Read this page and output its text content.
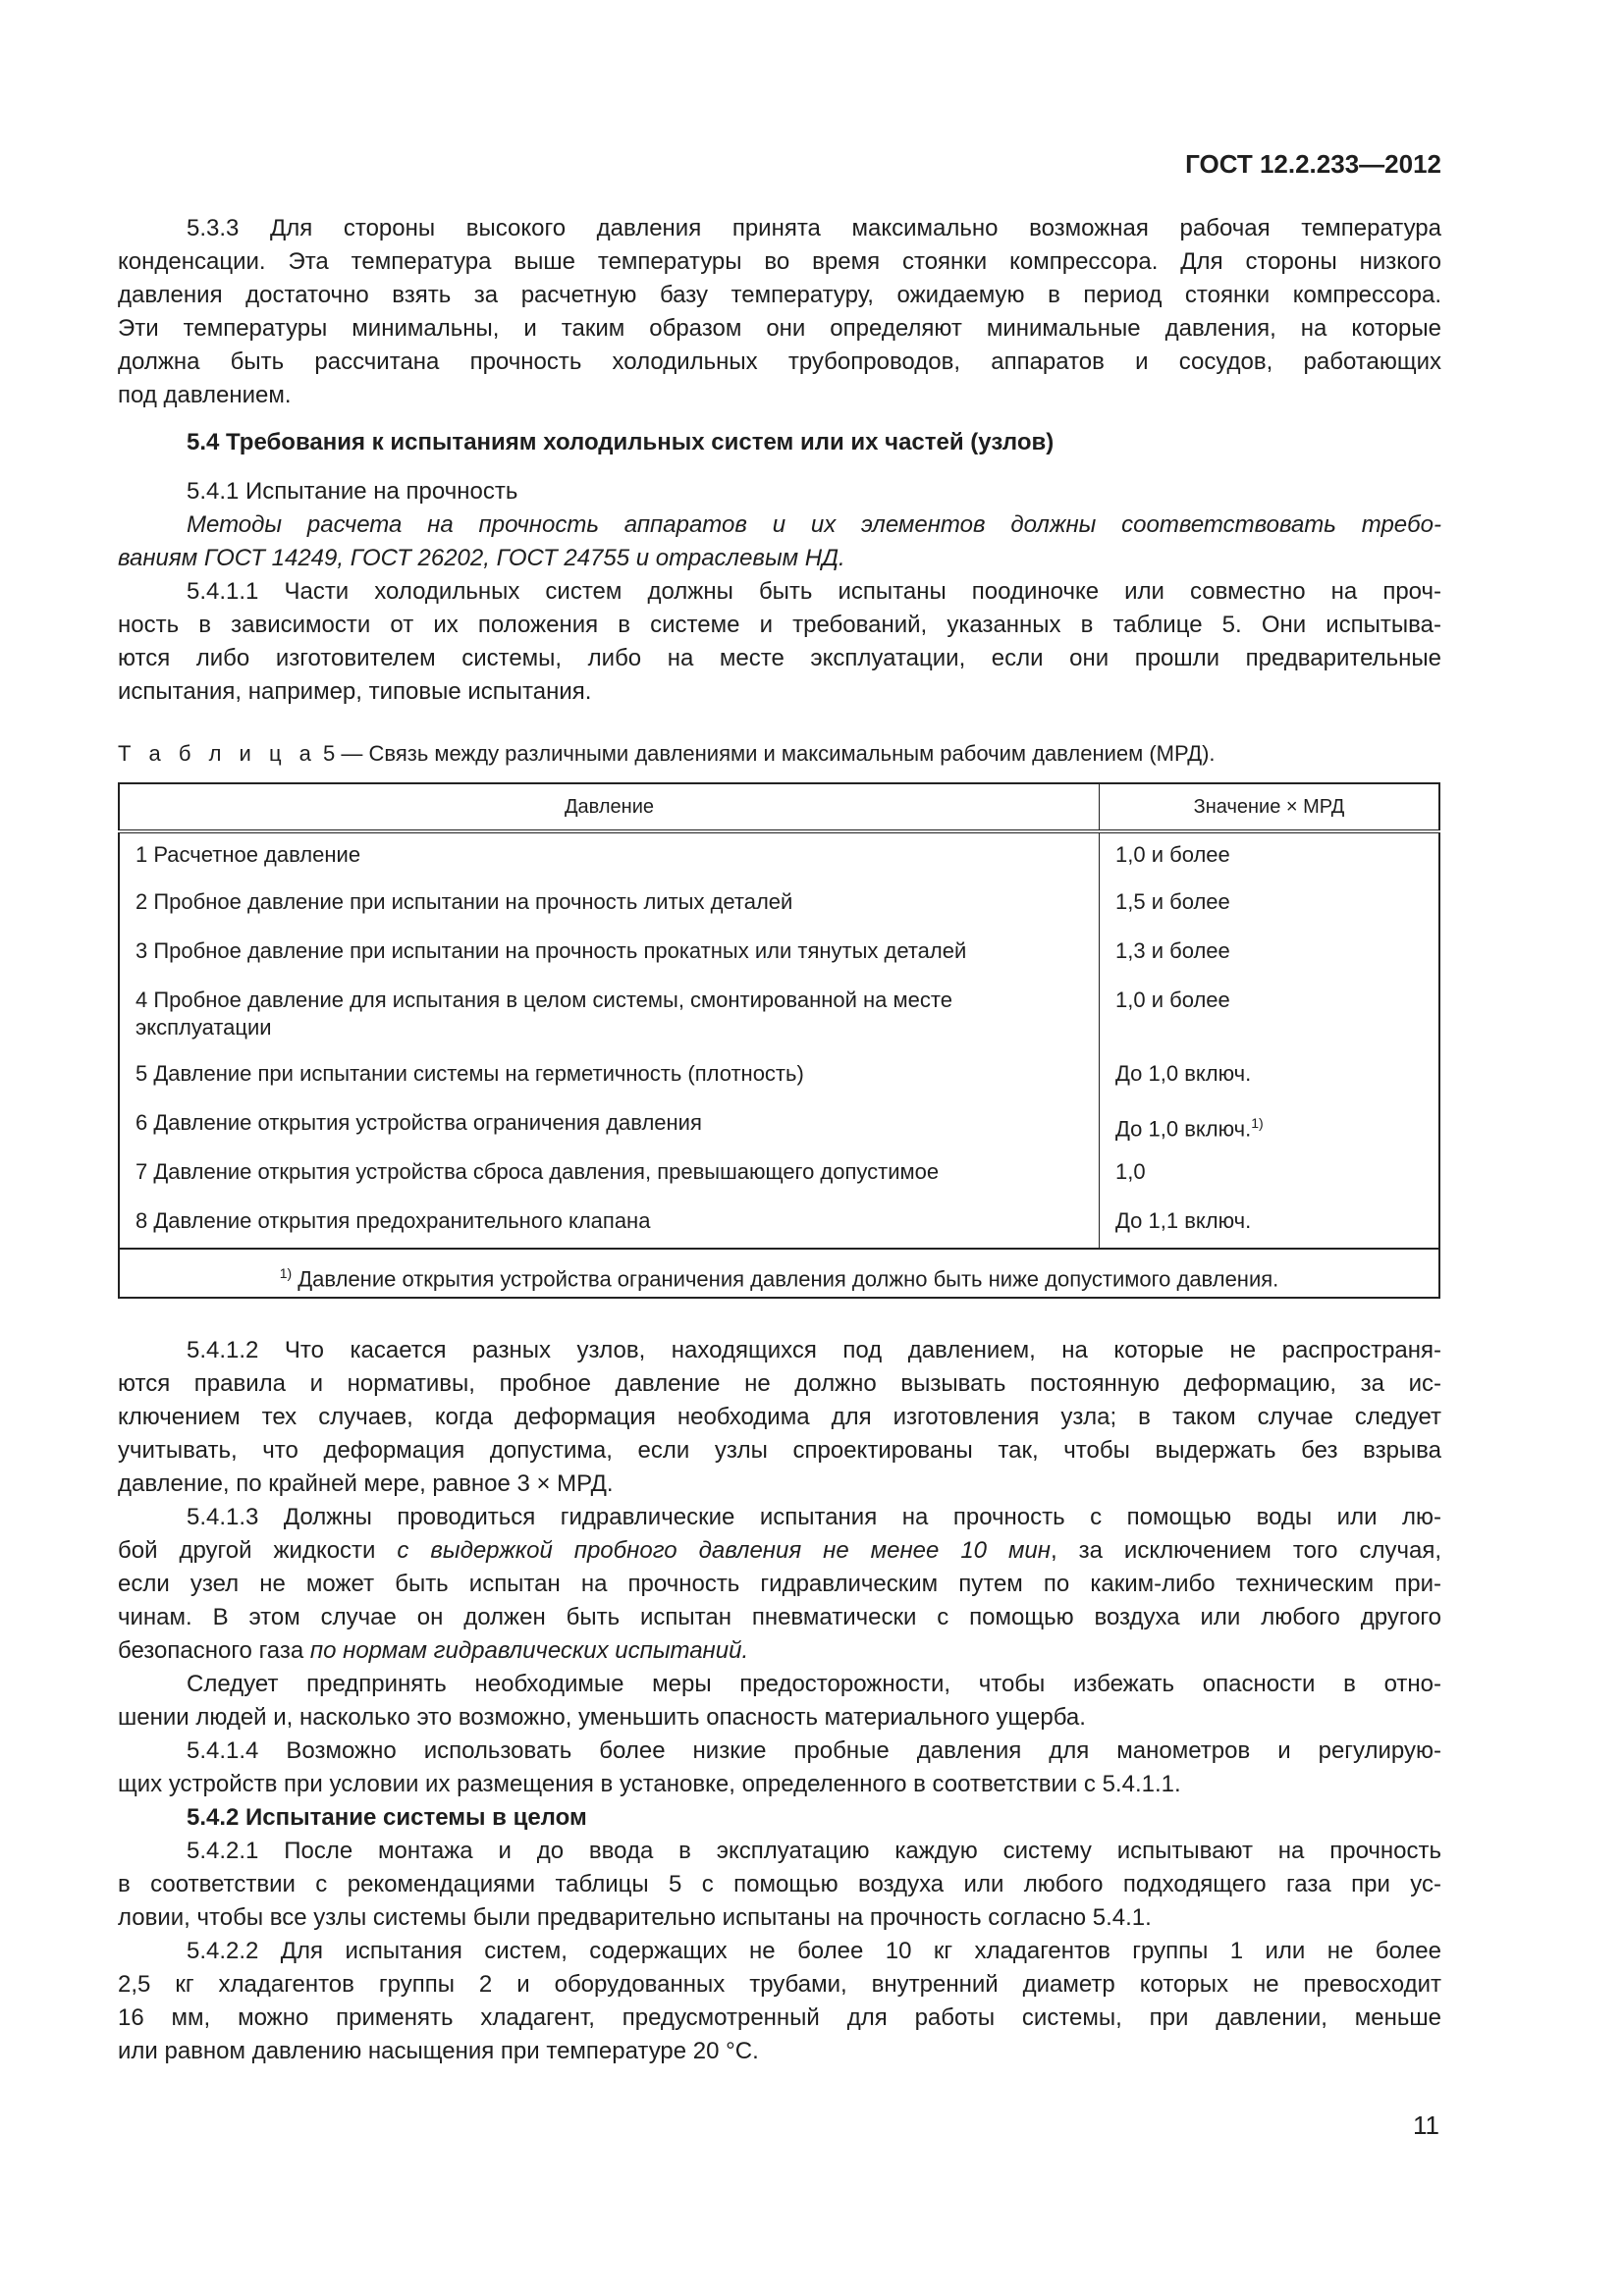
ГОСТ 12.2.233—2012
5.3.3 Для стороны высокого давления принята максимально возможная рабочая температура
конденсации. Эта температура выше температуры во время стоянки компрессора. Для стороны низкого
давления достаточно взять за расчетную базу температуру, ожидаемую в период стоянки компрессора.
Эти температуры минимальны, и таким образом они определяют минимальные давления, на которые
должна быть рассчитана прочность холодильных трубопроводов, аппаратов и сосудов, работающих
под давлением.
5.4 Требования к испытаниям холодильных систем или их частей (узлов)
5.4.1 Испытание на прочность
Методы расчета на прочность аппаратов и их элементов должны соответствовать требо-
ваниям ГОСТ 14249, ГОСТ 26202, ГОСТ 24755 и отраслевым НД.
5.4.1.1 Части холодильных систем должны быть испытаны поодиночке или совместно на проч-
ность в зависимости от их положения в системе и требований, указанных в таблице 5. Они испытыва-
ются либо изготовителем системы, либо на месте эксплуатации, если они прошли предварительные
испытания, например, типовые испытания.
Т а б л и ц а 5 — Связь между различными давлениями и максимальным рабочим давлением (МРД).
Давление	Значение × МРД
1 Расчетное давление	1,0 и более
2 Пробное давление при испытании на прочность литых деталей	1,5 и более
3 Пробное давление при испытании на прочность прокатных или тянутых деталей	1,3 и более
4 Пробное давление для испытания в целом системы, смонтированной на месте эксплуатации	1,0 и более
5 Давление при испытании системы на герметичность (плотность)	До 1,0 включ.
6 Давление открытия устройства ограничения давления	До 1,0 включ.$^{1)}$
7 Давление открытия устройства сброса давления, превышающего допустимое	1,0
8 Давление открытия предохранительного клапана	До 1,1 включ.
$^{1)}$ Давление открытия устройства ограничения давления должно быть ниже допустимого давления.	
5.4.1.2 Что касается разных узлов, находящихся под давлением, на которые не распространя-
ются правила и нормативы, пробное давление не должно вызывать постоянную деформацию, за ис-
ключением тех случаев, когда деформация необходима для изготовления узла; в таком случае следует
учитывать, что деформация допустима, если узлы спроектированы так, чтобы выдержать без взрыва
давление, по крайней мере, равное 3 × МРД.
5.4.1.3 Должны проводиться гидравлические испытания на прочность с помощью воды или лю-
бой другой жидкости с выдержкой пробного давления не менее 10 мин, за исключением того случая,
если узел не может быть испытан на прочность гидравлическим путем по каким-либо техническим при-
чинам. В этом случае он должен быть испытан пневматически с помощью воздуха или любого другого
безопасного газа по нормам гидравлических испытаний.
Следует предпринять необходимые меры предосторожности, чтобы избежать опасности в отно-
шении людей и, насколько это возможно, уменьшить опасность материального ущерба.
5.4.1.4 Возможно использовать более низкие пробные давления для манометров и регулирую-
щих устройств при условии их размещения в установке, определенного в соответствии с 5.4.1.1.
5.4.2 Испытание системы в целом
5.4.2.1 После монтажа и до ввода в эксплуатацию каждую систему испытывают на прочность
в соответствии с рекомендациями таблицы 5 с помощью воздуха или любого подходящего газа при ус-
ловии, чтобы все узлы системы были предварительно испытаны на прочность согласно 5.4.1.
5.4.2.2 Для испытания систем, содержащих не более 10 кг хладагентов группы 1 или не более
2,5 кг хладагентов группы 2 и оборудованных трубами, внутренний диаметр которых не превосходит
16 мм, можно применять хладагент, предусмотренный для работы системы, при давлении, меньше
или равном давлению насыщения при температуре 20 °С.
11
